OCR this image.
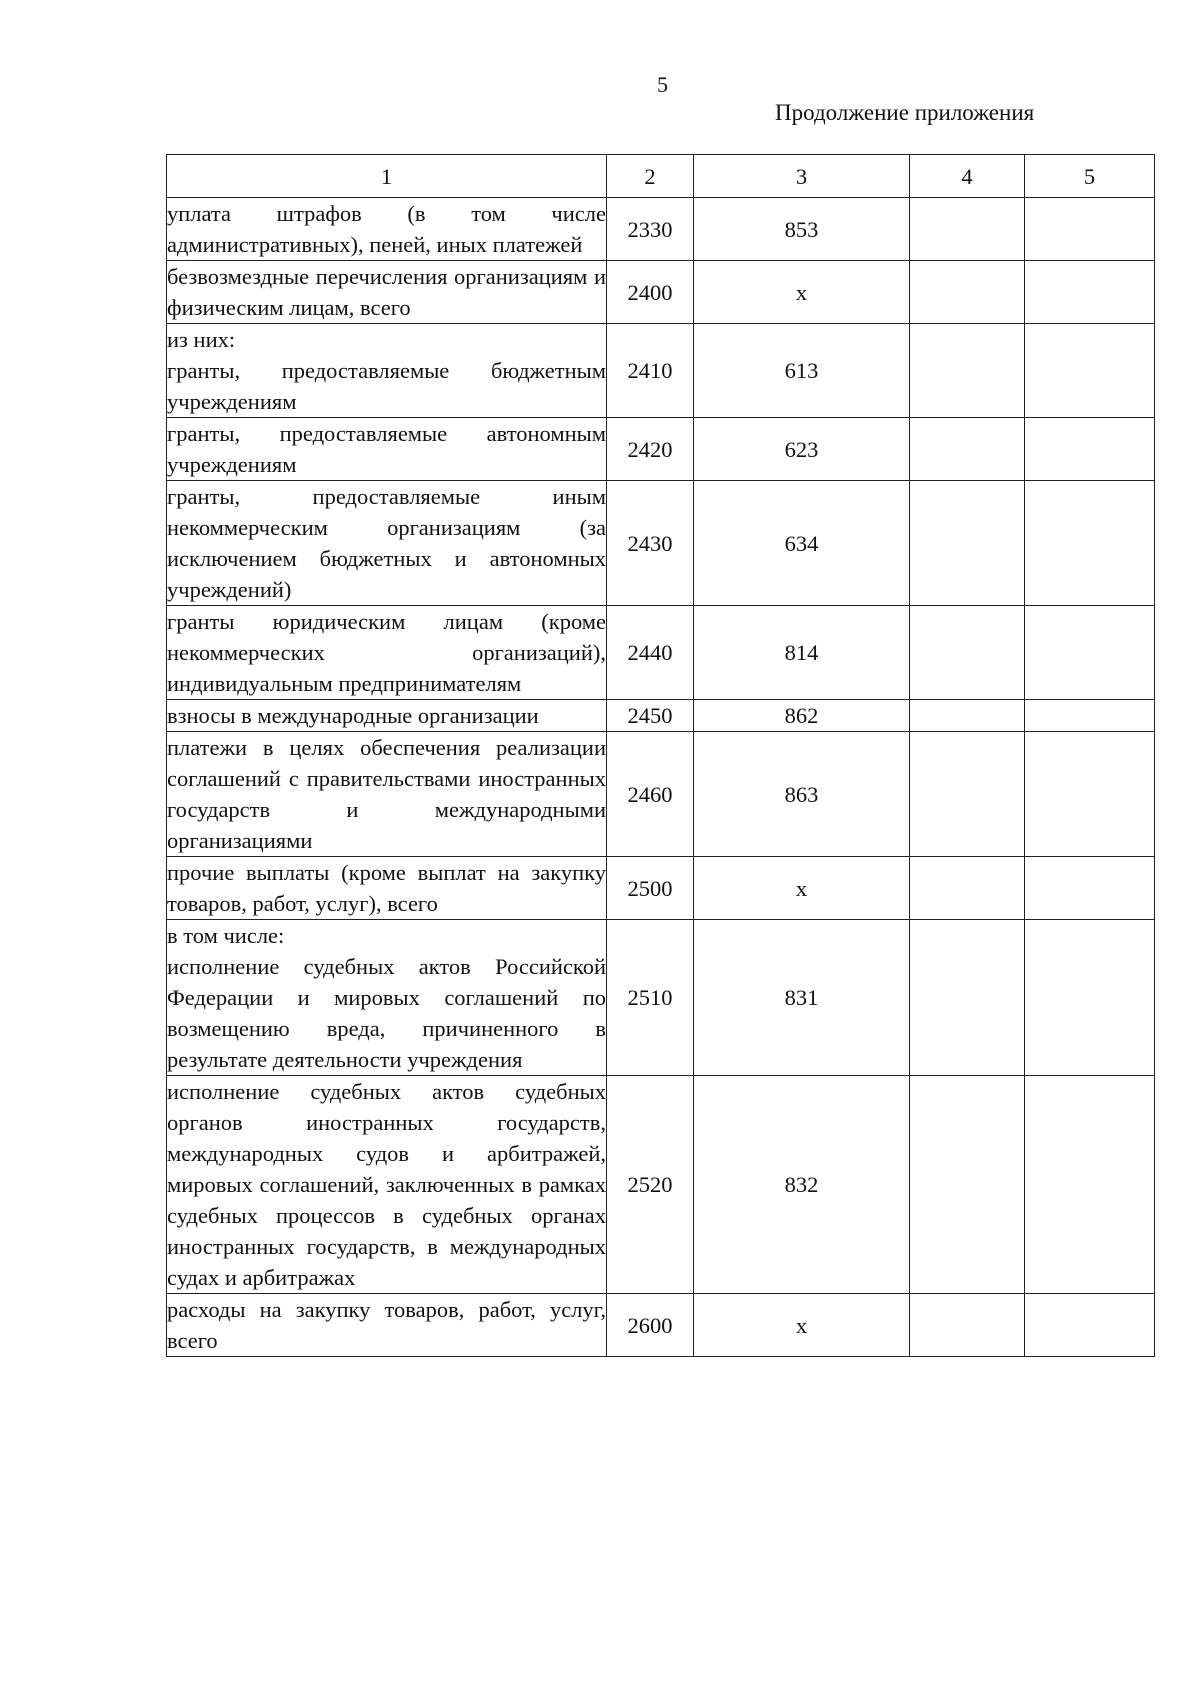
5
Продолжение приложения
1	2	3	4	5
уплата штрафов (в том числе административных), пеней, иных платежей	2330	853		
безвозмездные перечисления организациям и физическим лицам, всего	2400	х		

из них:
гранты, предоставляемые бюджетным учреждениям	2410	613		
гранты, предоставляемые автономным учреждениям	2420	623		
гранты, предоставляемые иным некоммерческим организациям (за исключением бюджетных и автономных учреждений)	2430	634		
гранты юридическим лицам (кроме некоммерческих организаций), индивидуальным предпринимателям	2440	814		
взносы в международные организации	2450	862		
платежи в целях обеспечения реализации соглашений с правительствами иностранных государств и международными организациями	2460	863		
прочие выплаты (кроме выплат на закупку товаров, работ, услуг), всего	2500	х		

в том числе:
исполнение судебных актов Российской Федерации и мировых соглашений по возмещению вреда, причиненного в результате деятельности учреждения	2510	831		
исполнение судебных актов судебных органов иностранных государств, международных судов и арбитражей, мировых соглашений, заключенных в рамках судебных процессов в судебных органах иностранных государств, в международных судах и арбитражах	2520	832		
расходы на закупку товаров, работ, услуг, всего	2600	х		
